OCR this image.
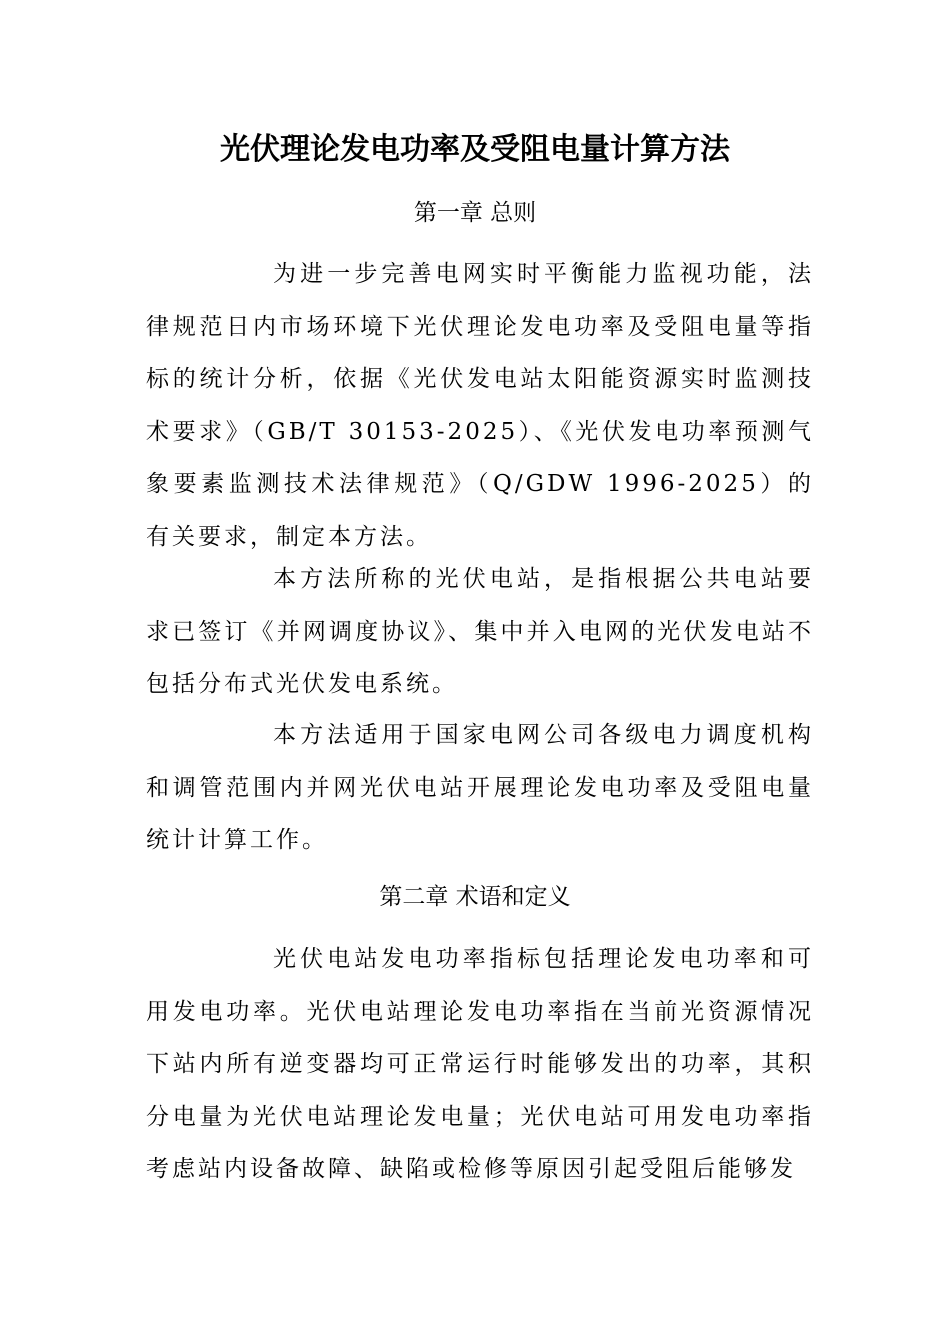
光伏理论发电功率及受阻电量计算方法
第一章 总则

为进一步完善电网实时平衡能力监视功能，法律规范日内市场环境下光伏理论发电功率及受阻电量等指标的统计分析，依据《光伏发电站太阳能资源实时监测技术要求》（GB/T 30153-2025）、《光伏发电功率预测气象要素监测技术法律规范》（Q/GDW 1996-2025）的有关要求，制定本方法。

本方法所称的光伏电站，是指根据公共电站要求已签订《并网调度协议》、集中并入电网的光伏发电站不包括分布式光伏发电系统。

本方法适用于国家电网公司各级电力调度机构和调管范围内并网光伏电站开展理论发电功率及受阻电量统计计算工作。

第二章 术语和定义

光伏电站发电功率指标包括理论发电功率和可用发电功率。光伏电站理论发电功率指在当前光资源情况下站内所有逆变器均可正常运行时能够发出的功率，其积分电量为光伏电站理论发电量；光伏电站可用发电功率指考虑站内设备故障、缺陷或检修等原因引起受阻后能够发
